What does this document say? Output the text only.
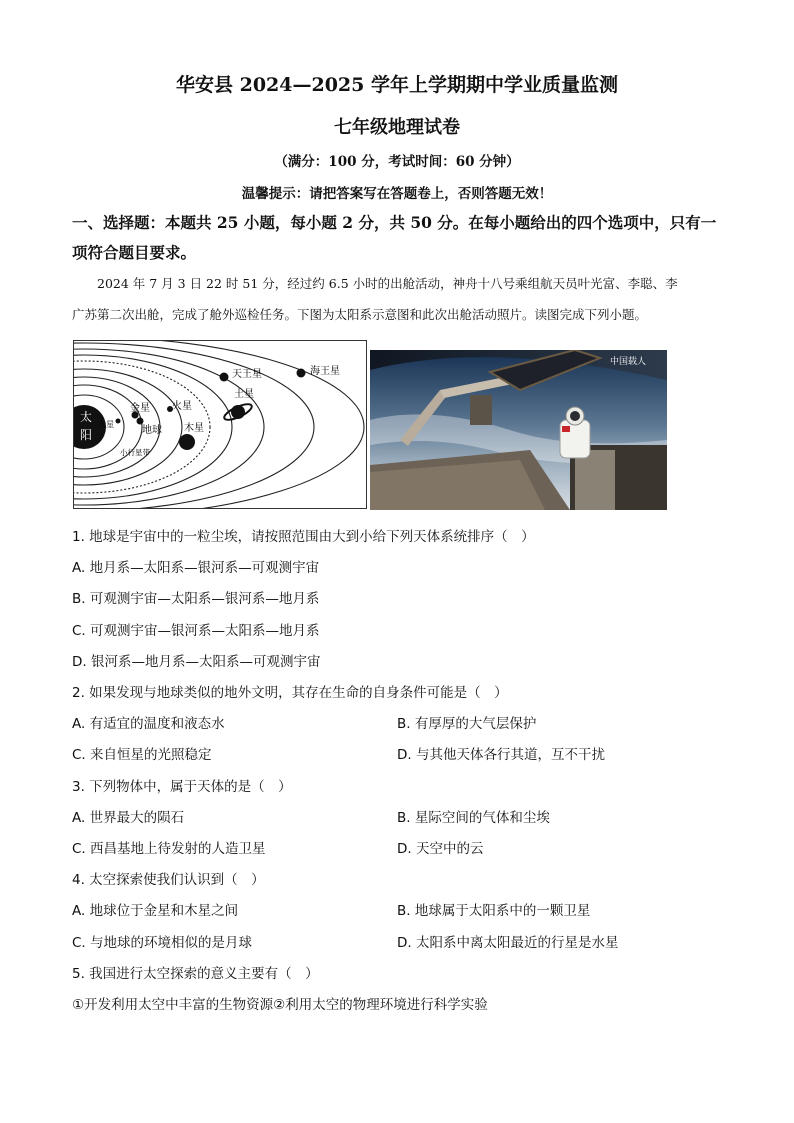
华安县 2024—2025 学年上学期期中学业质量监测
七年级地理试卷
（满分：100 分，考试时间：60 分钟）
温馨提示：请把答案写在答题卷上，否则答题无效！
一、选择题：本题共 25 小题，每小题 2 分，共 50 分。在每小题给出的四个选项中，只有一
项符合题目要求。
2024 年 7 月 3 日 22 时 51 分，经过约 6.5 小时的出舱活动，神舟十八号乘组航天员叶光富、李聪、李
广苏第二次出舱，完成了舱外巡检任务。下图为太阳系示意图和此次出舱活动照片。读图完成下列小题。
太
阳
水星
金星
地球
火星
小行星带
木星
土星
天王星	海王星
中国载人
1. 地球是宇宙中的一粒尘埃，请按照范围由大到小给下列天体系统排序（　）
A. 地月系—太阳系—银河系—可观测宇宙
B. 可观测宇宙—太阳系—银河系—地月系
C. 可观测宇宙—银河系—太阳系—地月系
D. 银河系—地月系—太阳系—可观测宇宙
2. 如果发现与地球类似的地外文明，其存在生命的自身条件可能是（　）
A. 有适宜的温度和液态水	B. 有厚厚的大气层保护
C. 来自恒星的光照稳定	D. 与其他天体各行其道，互不干扰
3. 下列物体中，属于天体的是（　）
A. 世界最大的陨石	B. 星际空间的气体和尘埃
C. 西昌基地上待发射的人造卫星	D. 天空中的云
4. 太空探索使我们认识到（　）
A. 地球位于金星和木星之间	B. 地球属于太阳系中的一颗卫星
C. 与地球的环境相似的是月球	D. 太阳系中离太阳最近的行星是水星
5. 我国进行太空探索的意义主要有（　）
①开发利用太空中丰富的生物资源②利用太空的物理环境进行科学实验
